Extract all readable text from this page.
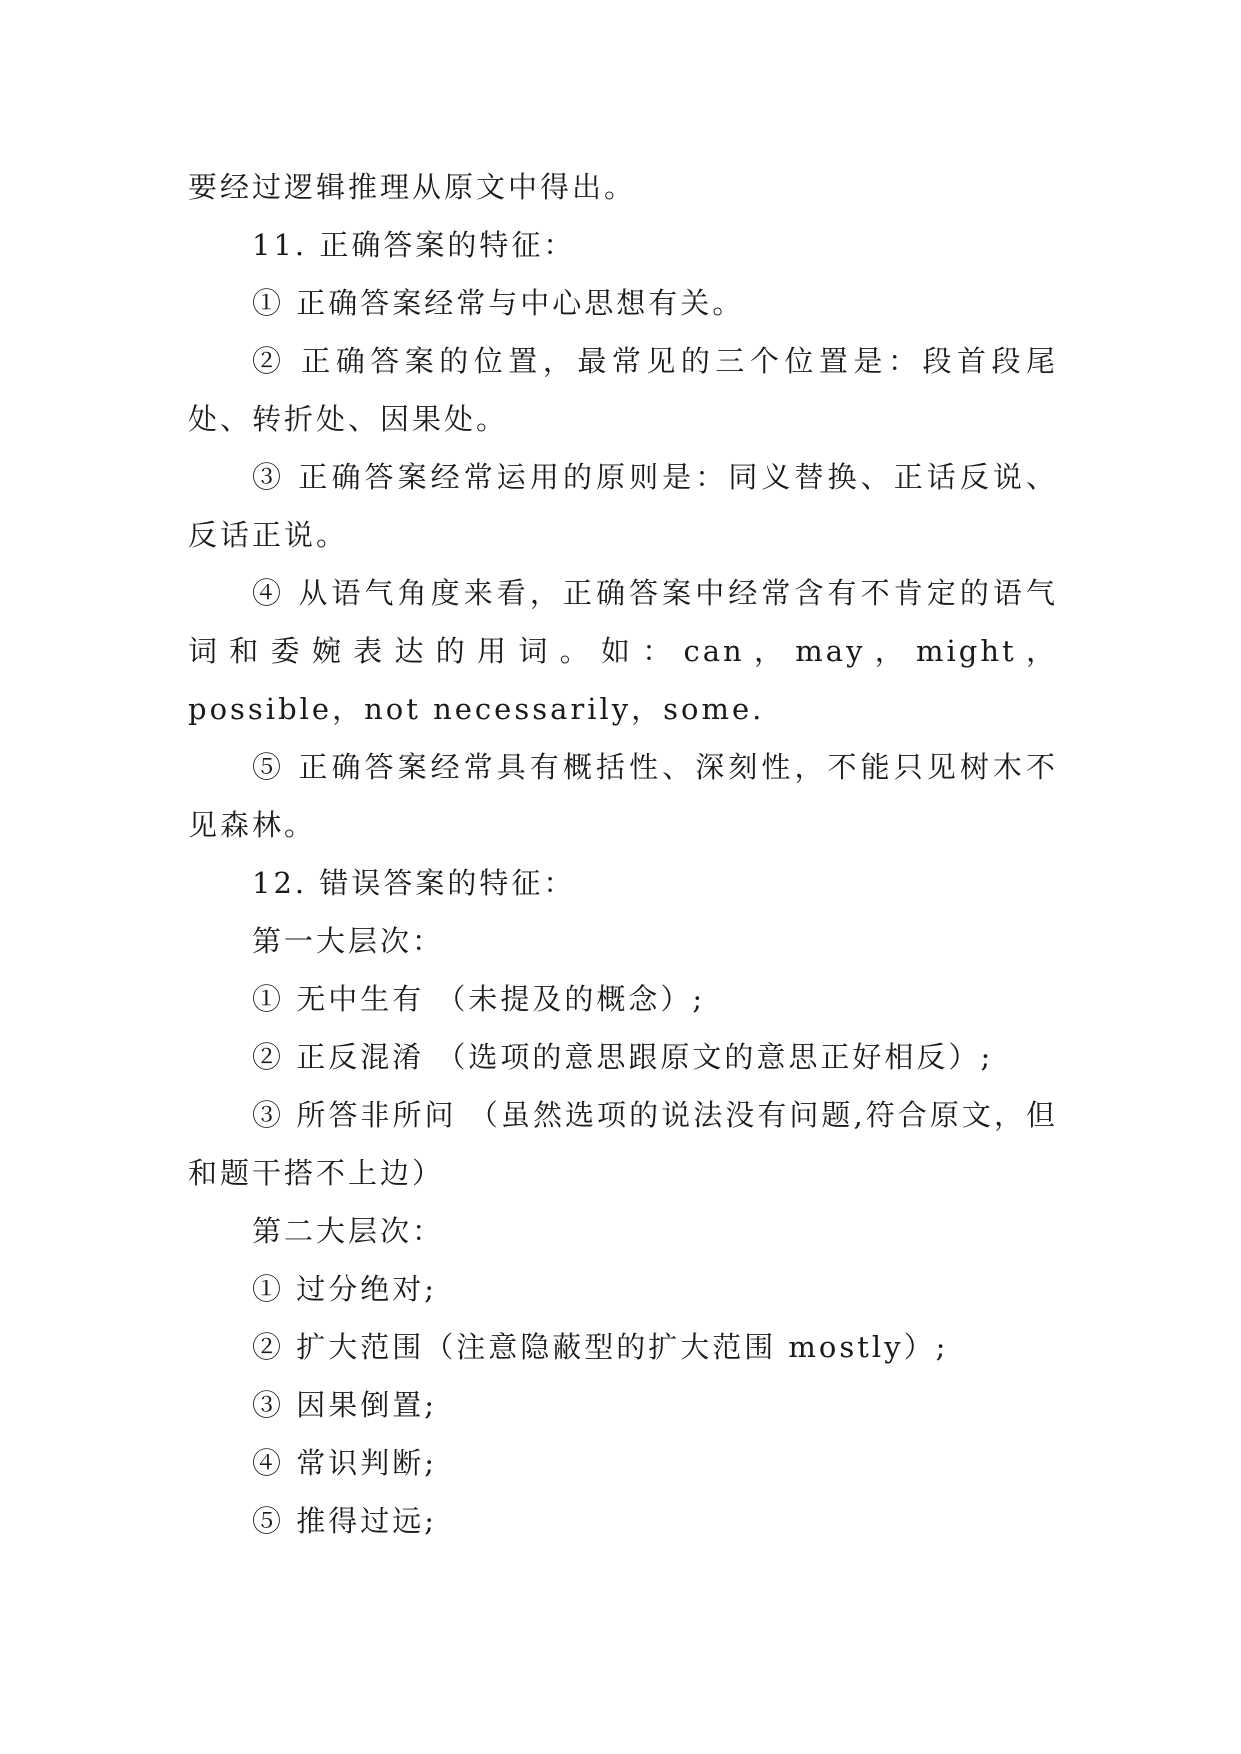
要经过逻辑推理从原文中得出。

11. 正确答案的特征：

① 正确答案经常与中心思想有关。

② 正确答案的位置，最常见的三个位置是：段首段尾处、转折处、因果处。

③ 正确答案经常运用的原则是：同义替换、正话反说、反话正说。

④ 从语气角度来看，正确答案中经常含有不肯定的语气词和委婉表达的用词。如：can，may，might，possible，not necessarily，some.

⑤ 正确答案经常具有概括性、深刻性，不能只见树木不见森林。

12. 错误答案的特征：

第一大层次：

① 无中生有 （未提及的概念）;

② 正反混淆 （选项的意思跟原文的意思正好相反）;

③ 所答非所问 （虽然选项的说法没有问题,符合原文，但和题干搭不上边）

第二大层次：

① 过分绝对;

② 扩大范围（注意隐蔽型的扩大范围 mostly）;

③ 因果倒置;

④ 常识判断;

⑤ 推得过远;
